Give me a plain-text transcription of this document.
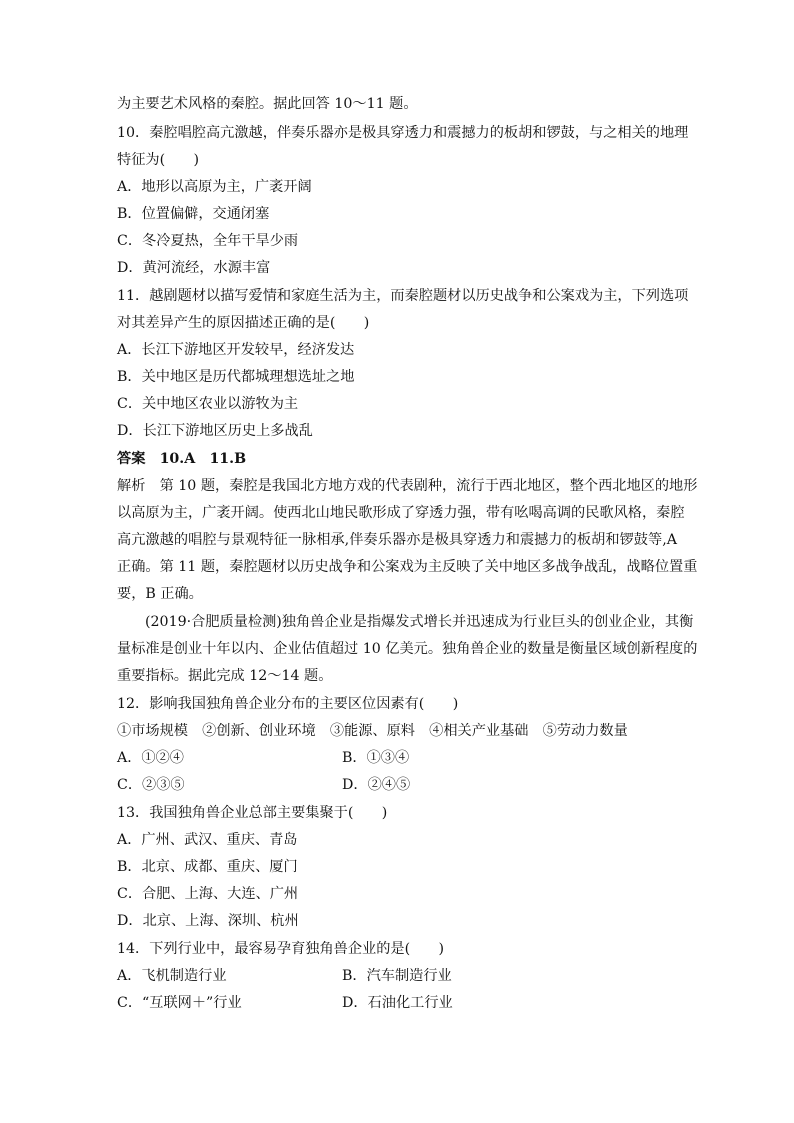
为主要艺术风格的秦腔。据此回答 10～11 题。
10．秦腔唱腔高亢激越，伴奏乐器亦是极具穿透力和震撼力的板胡和锣鼓，与之相关的地理
特征为(　　)
A．地形以高原为主，广袤开阔
B．位置偏僻，交通闭塞
C．冬冷夏热，全年干旱少雨
D．黄河流经，水源丰富
11．越剧题材以描写爱情和家庭生活为主，而秦腔题材以历史战争和公案戏为主，下列选项
对其差异产生的原因描述正确的是(　　)
A．长江下游地区开发较早，经济发达
B．关中地区是历代都城理想选址之地
C．关中地区农业以游牧为主
D．长江下游地区历史上多战乱
答案　10.A　11.B
解析　第 10 题，秦腔是我国北方地方戏的代表剧种，流行于西北地区，整个西北地区的地形
以高原为主，广袤开阔。使西北山地民歌形成了穿透力强，带有吆喝高调的民歌风格，秦腔
高亢激越的唱腔与景观特征一脉相承,伴奏乐器亦是极具穿透力和震撼力的板胡和锣鼓等,A
正确。第 11 题，秦腔题材以历史战争和公案戏为主反映了关中地区多战争战乱，战略位置重
要，B 正确。
(2019·合肥质量检测)独角兽企业是指爆发式增长并迅速成为行业巨头的创业企业，其衡
量标准是创业十年以内、企业估值超过 10 亿美元。独角兽企业的数量是衡量区域创新程度的
重要指标。据此完成 12～14 题。
12．影响我国独角兽企业分布的主要区位因素有(　　)
①市场规模　②创新、创业环境　③能源、原料　④相关产业基础　⑤劳动力数量
A．①②④	B．①③④
C．②③⑤	D．②④⑤
13．我国独角兽企业总部主要集聚于(　　)
A．广州、武汉、重庆、青岛
B．北京、成都、重庆、厦门
C．合肥、上海、大连、广州
D．北京、上海、深圳、杭州
14．下列行业中，最容易孕育独角兽企业的是(　　)
A．飞机制造行业	B．汽车制造行业
C．“互联网＋”行业	D．石油化工行业
